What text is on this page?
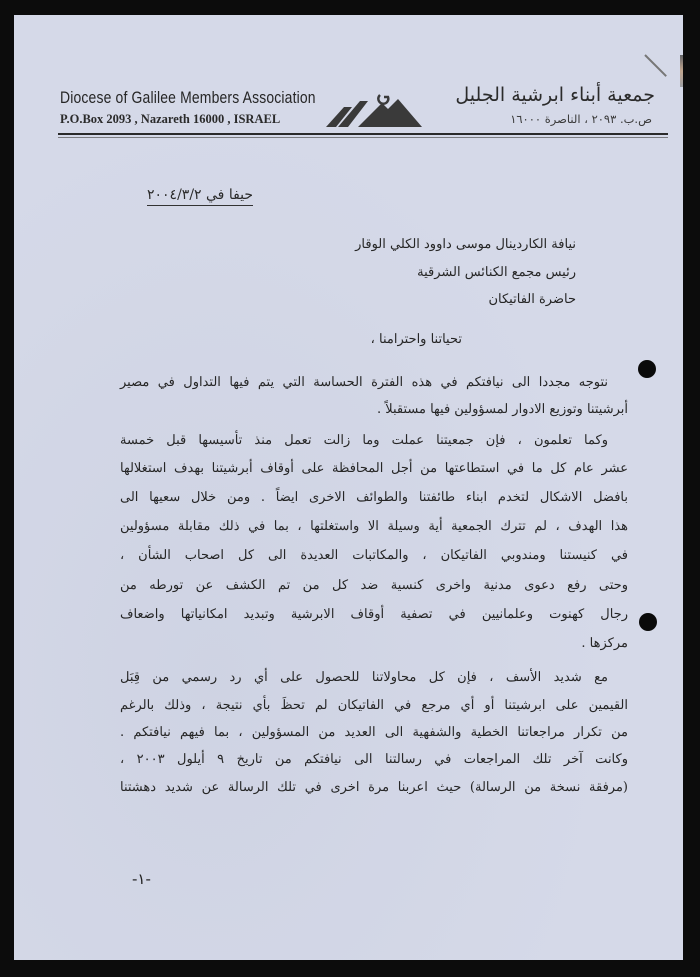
Diocese of Galilee Members Association
P.O.Box 2093 , Nazareth 16000 , ISRAEL
جمعية أبناء ابرشية الجليل
ص.ب. ٢٠٩٣ ، الناصرة ١٦٠٠٠
حيفا في ٢٠٠٤/٣/٢
نيافة الكاردينال موسى داوود الكلي الوقار
رئيس مجمع الكنائس الشرقية
حاضرة الفاتيكان
تحياتنا واحترامنا ،
نتوجه مجددا الى نيافتكم في هذه الفترة الحساسة التي يتم فيها التداول في مصير
أبرشيتنا وتوزيع الادوار لمسؤولين فيها مستقبلاً .
وكما تعلمون ، فإن جمعيتنا عملت وما زالت تعمل منذ تأسيسها قبل خمسة
عشر عام كل ما في استطاعتها من أجل المحافظة على أوقاف أبرشيتنا بهدف استغلالها
بافضل الاشكال لتخدم ابناء طائفتنا والطوائف الاخرى ايضاً . ومن خلال سعيها الى
هذا الهدف ، لم تترك الجمعية أية وسيلة الا واستغلتها ، بما في ذلك مقابلة مسؤولين
في كنيستنا ومندوبي الفاتيكان ، والمكاتبات العديدة الى كل اصحاب الشأن ،
وحتى رفع دعوى مدنية واخرى كنسية ضد كل من تم الكشف عن تورطه من
رجال كهنوت وعلمانيين في تصفية أوقاف الابرشية وتبديد امكانياتها واضعاف
مركزها .
مع شديد الأسف ، فإن كل محاولاتنا للحصول على أي رد رسمي من قِبَل
القيمين على ابرشيتنا أو أي مرجع في الفاتيكان لم تحظَ بأي نتيجة ، وذلك بالرغم
من تكرار مراجعاتنا الخطية والشفهية الى العديد من المسؤولين ، بما فيهم نيافتكم .
وكانت آخر تلك المراجعات في رسالتنا الى نيافتكم من تاريخ ٩ أيلول ٢٠٠٣ ،
(مرفقة نسخة من الرسالة) حيث اعربنا مرة اخرى في تلك الرسالة عن شديد دهشتنا
-١-
